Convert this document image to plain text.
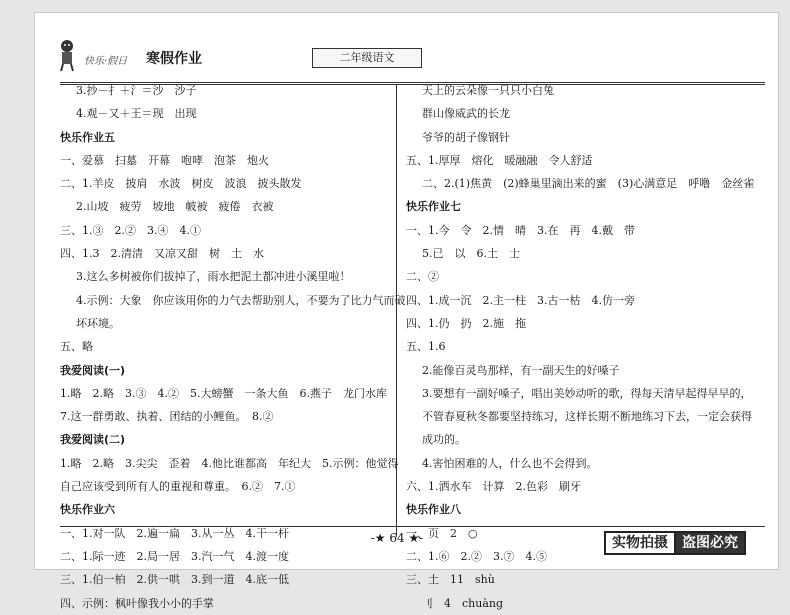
快乐·假日 寒假作业	二年级语文
3.抄－扌＋氵＝沙　沙子
4.观－又＋王＝现　出现
快乐作业五
一、爱慕　扫墓　开幕　咆哮　泡茶　炮火
二、1.羊皮　披肩　水波　树皮　波浪　披头散发
2.山坡　疲劳　坡地　帔被　疲倦　衣被
三、1.③　2.②　3.④　4.①
四、1.3　2.清清　又凉又甜　树　土　水
3.这么多树被你们拔掉了，雨水把泥土都冲进小溪里啦！
4.示例：大象　你应该用你的力气去帮助别人，不要为了比力气而破
坏环境。
五、略
我爱阅读(一)
1.略　2.略　3.③　4.②　5.大螃蟹　一条大鱼　6.燕子　龙门水库
7.这一群勇敢、执着、团结的小鲤鱼。　8.②
我爱阅读(二)
1.略　2.略　3.尖尖　歪着　4.他比谁都高　年纪大　5.示例：他觉得
自己应该受到所有人的重视和尊重。　6.②　7.①
快乐作业六
一、1.对一队　2.遍一扁　3.从一丛　4.干一杆
二、1.际一迹　2.局一居　3.汽一气　4.渡一度
三、1.伯一柏　2.供一哄　3.到一道　4.底一低
四、示例：枫叶像我小小的手掌
天上的云朵像一只只小白兔
群山像威武的长龙
爷爷的胡子像钢针
五、1.厚厚　熔化　暖融融　令人舒适
二、2.(1)焦黄　(2)蜂巢里滴出来的蜜　(3)心满意足　呼噜　金丝雀
快乐作业七
一、1.今　令　2.情　晴　3.在　再　4.戴　带
5.已　以　6.土　士
二、②
四、1.成一沉　2.主一柱　3.古一枯　4.仿一旁
四、1.仍　扔　2.施　拖
五、1.6
2.能像百灵鸟那样，有一副天生的好嗓子
3.要想有一副好嗓子，唱出美妙动听的歌，得每天清早起得早早的，
不管春夏秋冬都要坚持练习，这样长期不断地练习下去，一定会获得
成功的。
4.害怕困难的人，什么也不会得到。
六、1.洒水车　计算　2.色彩　刷牙
快乐作业八
一、页　2　○
二、1.⑥　2.②　3.⑦　4.⑤
三、土　11　shù
刂　4　chuàng
-★ 64 ★-	实物拍摄	盗图必究
